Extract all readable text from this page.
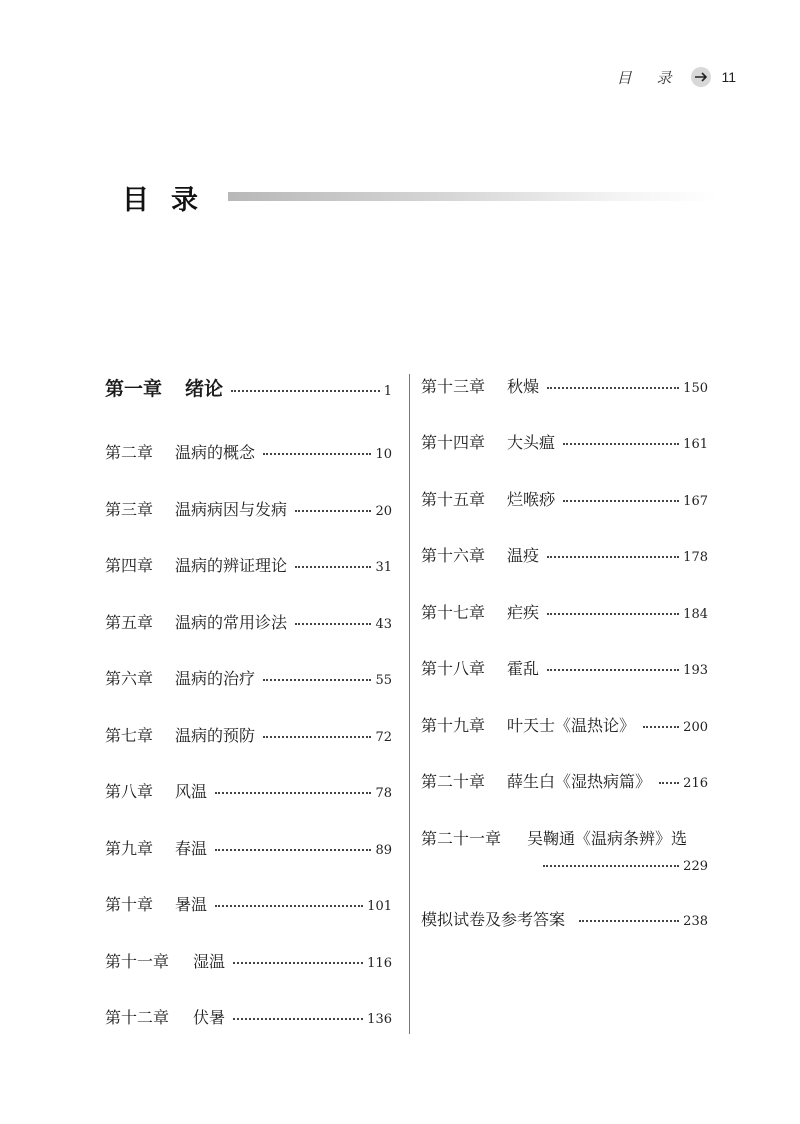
目 录	11
目录
第一章	绪论	1
第二章	温病的概念	10
第三章	温病病因与发病	20
第四章	温病的辨证理论	31
第五章	温病的常用诊法	43
第六章	温病的治疗	55
第七章	温病的预防	72
第八章	风温	78
第九章	春温	89
第十章	暑温	101
第十一章	湿温	116
第十二章	伏暑	136
第十三章	秋燥	150
第十四章	大头瘟	161
第十五章	烂喉痧	167
第十六章	温疫	178
第十七章	疟疾	184
第十八章	霍乱	193
第十九章	叶天士《温热论》	200
第二十章	薛生白《湿热病篇》 216
第二十一章	吴鞠通《温病条辨》选
229
模拟试卷及参考答案	238
